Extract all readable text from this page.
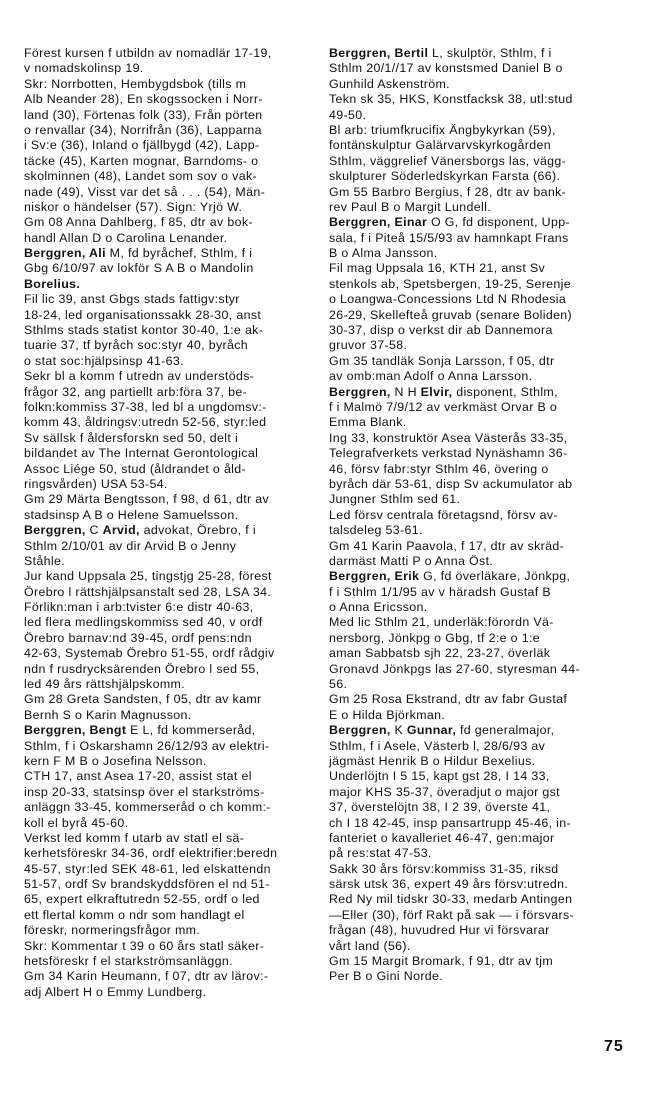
Förest kursen f utbildn av nomadlär 17-19,
v nomadskolinsp 19.
Skr: Norrbotten, Hembygdsbok (tills m
Alb Neander 28), En skogssocken i Norr-
land (30), Förtenas folk (33), Från pörten
o renvallar (34), Norrifrån (36), Lapparna
i Sv:e (36), Inland o fjällbygd (42), Lapp-
täcke (45), Karten mognar, Barndoms- o
skolminnen (48), Landet som sov o vak-
nade (49), Visst var det så . . . (54), Män-
niskor o händelser (57). Sign: Yrjö W.
Gm 08 Anna Dahlberg, f 85, dtr av bok-
handl Allan D o Carolina Lenander.
Berggren, Ali M, fd byråchef, Sthlm, f i
Gbg 6/10/97 av lokför S A B o Mandolin
Borelius.
Fil lic 39, anst Gbgs stads fattigv:styr
18-24, led organisationssakk 28-30, anst
Sthlms stads statist kontor 30-40, 1:e ak-
tuarie 37, tf byråch soc:styr 40, byråch
o stat soc:hjälpsinsp 41-63.
Sekr bl a komm f utredn av understöds-
frågor 32, ang partiellt arb:föra 37, be-
folkn:kommiss 37-38, led bl a ungdomsv:-
komm 43, åldringsv:utredn 52-56, styr:led
Sv sällsk f åldersforskn sed 50, delt i
bildandet av The Internat Gerontological
Assoc Liége 50, stud (åldrandet o åld-
ringsvården) USA 53-54.
Gm 29 Märta Bengtsson, f 98, d 61, dtr av
stadsinsp A B o Helene Samuelsson.
Berggren, C Arvid, advokat, Örebro, f i
Sthlm 2/10/01 av dir Arvid B o Jenny
Ståhle.
Jur kand Uppsala 25, tingstjg 25-28, förest
Örebro l rättshjälpsanstalt sed 28, LSA 34.
Förlikn:man i arb:tvister 6:e distr 40-63,
led flera medlingskommiss sed 40, v ordf
Örebro barnav:nd 39-45, ordf pens:ndn
42-63, Systemab Örebro 51-55, ordf rådgiv
ndn f rusdrycksärenden Örebro l sed 55,
led 49 års rättshjälpskomm.
Gm 28 Greta Sandsten, f 05, dtr av kamr
Bernh S o Karin Magnusson.
Berggren, Bengt E L, fd kommerseråd,
Sthlm, f i Oskarshamn 26/12/93 av elektri-
kern F M B o Josefina Nelsson.
CTH 17, anst Asea 17-20, assist stat el
insp 20-33, statsinsp över el starkströms-
anläggn 33-45, kommerseråd o ch komm:-
koll el byrå 45-60.
Verkst led komm f utarb av statl el sä-
kerhetsföreskr 34-36, ordf elektrifier:beredn
45-57, styr:led SEK 48-61, led elskattendn
51-57, ordf Sv brandskyddsfören el nd 51-
65, expert elkraftutredn 52-55, ordf o led
ett flertal komm o ndr som handlagt el
föreskr, normeringsfrågor mm.
Skr: Kommentar t 39 o 60 års statl säker-
hetsföreskr f el starkströmsanläggn.
Gm 34 Karin Heumann, f 07, dtr av lärov:-
adj Albert H o Emmy Lundberg.
Berggren, Bertil L, skulptör, Sthlm, f i
Sthlm 20/1//17 av konstsmed Daniel B o
Gunhild Askenström.
Tekn sk 35, HKS, Konstfacksk 38, utl:stud
49-50.
Bl arb: triumfkrucifix Ängbykyrkan (59),
fontänskulptur Galärvarvskyrkogården
Sthlm, väggrelief Vänersborgs las, vägg-
skulpturer Söderledskyrkan Farsta (66).
Gm 55 Barbro Bergius, f 28, dtr av bank-
rev Paul B o Margit Lundell.
Berggren, Einar O G, fd disponent, Upp-
sala, f i Piteå 15/5/93 av hamnkapt Frans
B o Alma Jansson.
Fil mag Uppsala 16, KTH 21, anst Sv
stenkols ab, Spetsbergen, 19-25, Serenje
o Loangwa-Concessions Ltd N Rhodesia
26-29, Skellefteå gruvab (senare Boliden)
30-37, disp o verkst dir ab Dannemora
gruvor 37-58.
Gm 35 tandläk Sonja Larsson, f 05, dtr
av omb:man Adolf o Anna Larsson.
Berggren, N H Elvir, disponent, Sthlm,
f i Malmö 7/9/12 av verkmäst Orvar B o
Emma Blank.
Ing 33, konstruktör Asea Västerås 33-35,
Telegrafverkets verkstad Nynäshamn 36-
46, försv fabr:styr Sthlm 46, övering o
byråch där 53-61, disp Sv ackumulator ab
Jungner Sthlm sed 61.
Led försv centrala företagsnd, försv av-
talsdeleg 53-61.
Gm 41 Karin Paavola, f 17, dtr av skräd-
darmäst Matti P o Anna Öst.
Berggren, Erik G, fd överläkare, Jönkpg,
f i Sthlm 1/1/95 av v häradsh Gustaf B
o Anna Ericsson.
Med lic Sthlm 21, underläk:förordn Vä-
nersborg, Jönkpg o Gbg, tf 2:e o 1:e
aman Sabbatsb sjh 22, 23-27, överläk
Gronavd Jönkpgs las 27-60, styresman 44-
56.
Gm 25 Rosa Ekstrand, dtr av fabr Gustaf
E o Hilda Björkman.
Berggren, K Gunnar, fd generalmajor,
Sthlm, f i Asele, Västerb l, 28/6/93 av
jägmäst Henrik B o Hildur Bexelius.
Underlöjtn I 5 15, kapt gst 28, I 14 33,
major KHS 35-37, överadjut o major gst
37, överstelöjtn 38, I 2 39, överste 41,
ch I 18 42-45, insp pansartrupp 45-46, in-
fanteriet o kavalleriet 46-47, gen:major
på res:stat 47-53.
Sakk 30 års försv:kommiss 31-35, riksd
särsk utsk 36, expert 49 års försv:utredn.
Red Ny mil tidskr 30-33, medarb Antingen
—Eller (30), förf Rakt på sak — i försvars-
frågan (48), huvudred Hur vi försvarar
vårt land (56).
Gm 15 Margit Bromark, f 91, dtr av tjm
Per B o Gini Norde.
75
